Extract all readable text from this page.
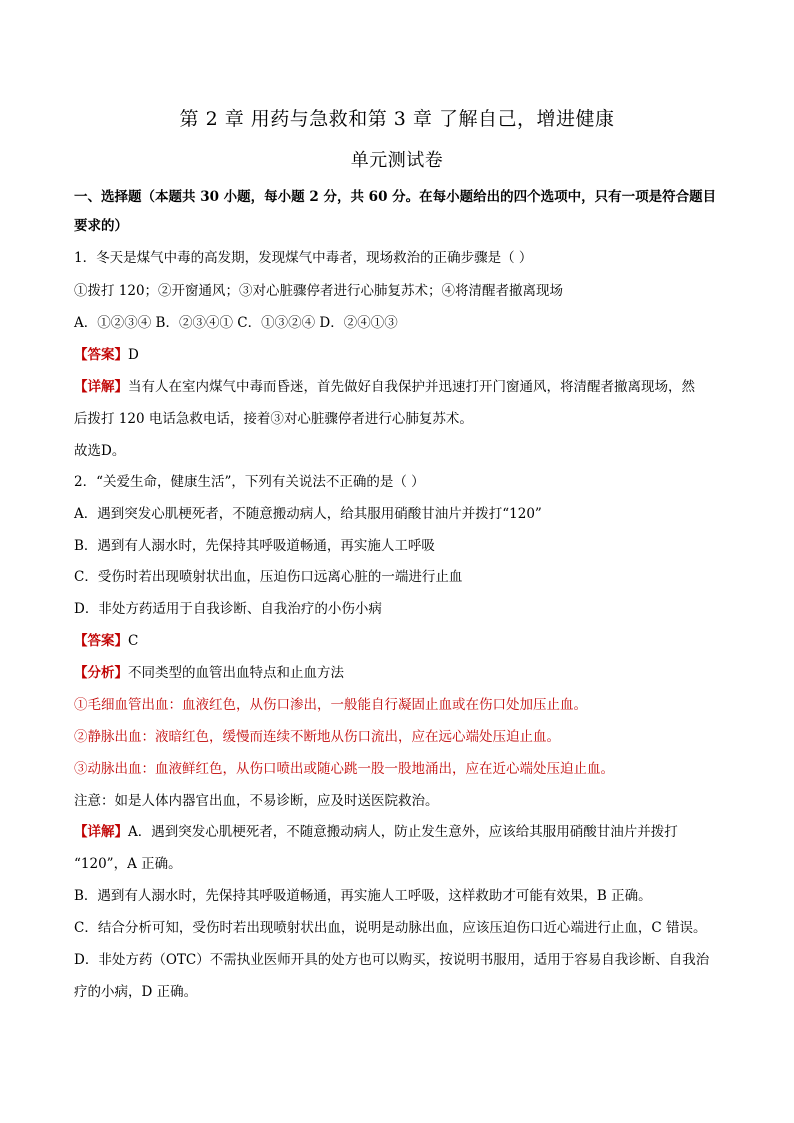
第 2 章 用药与急救和第 3 章 了解自己，增进健康
单元测试卷
一、选择题（本题共 30 小题，每小题 2 分，共 60 分。在每小题给出的四个选项中，只有一项是符合题目
要求的）
1．冬天是煤气中毒的高发期，发现煤气中毒者，现场救治的正确步骤是（ ）
①拨打 120；②开窗通风；③对心脏骤停者进行心肺复苏术；④将清醒者撤离现场
A．①②③④ B．②③④① C．①③②④ D．②④①③
【答案】D
【详解】当有人在室内煤气中毒而昏迷，首先做好自我保护并迅速打开门窗通风，将清醒者撤离现场，然
后拨打 120 电话急救电话，接着③对心脏骤停者进行心肺复苏术。
故选D。
2．“关爱生命，健康生活”，下列有关说法不正确的是（ ）
A．遇到突发心肌梗死者，不随意搬动病人，给其服用硝酸甘油片并拨打“120”
B．遇到有人溺水时，先保持其呼吸道畅通，再实施人工呼吸
C．受伤时若出现喷射状出血，压迫伤口远离心脏的一端进行止血
D．非处方药适用于自我诊断、自我治疗的小伤小病
【答案】C
【分析】不同类型的血管出血特点和止血方法
①毛细血管出血：血液红色，从伤口渗出，一般能自行凝固止血或在伤口处加压止血。
②静脉出血：液暗红色，缓慢而连续不断地从伤口流出，应在远心端处压迫止血。
③动脉出血：血液鲜红色，从伤口喷出或随心跳一股一股地涌出，应在近心端处压迫止血。
注意：如是人体内器官出血，不易诊断，应及时送医院救治。
【详解】A．遇到突发心肌梗死者，不随意搬动病人，防止发生意外，应该给其服用硝酸甘油片并拨打
“120”，A 正确。
B．遇到有人溺水时，先保持其呼吸道畅通，再实施人工呼吸，这样救助才可能有效果，B 正确。
C．结合分析可知，受伤时若出现喷射状出血，说明是动脉出血，应该压迫伤口近心端进行止血，C 错误。
D．非处方药（OTC）不需执业医师开具的处方也可以购买，按说明书服用，适用于容易自我诊断、自我治
疗的小病，D 正确。
